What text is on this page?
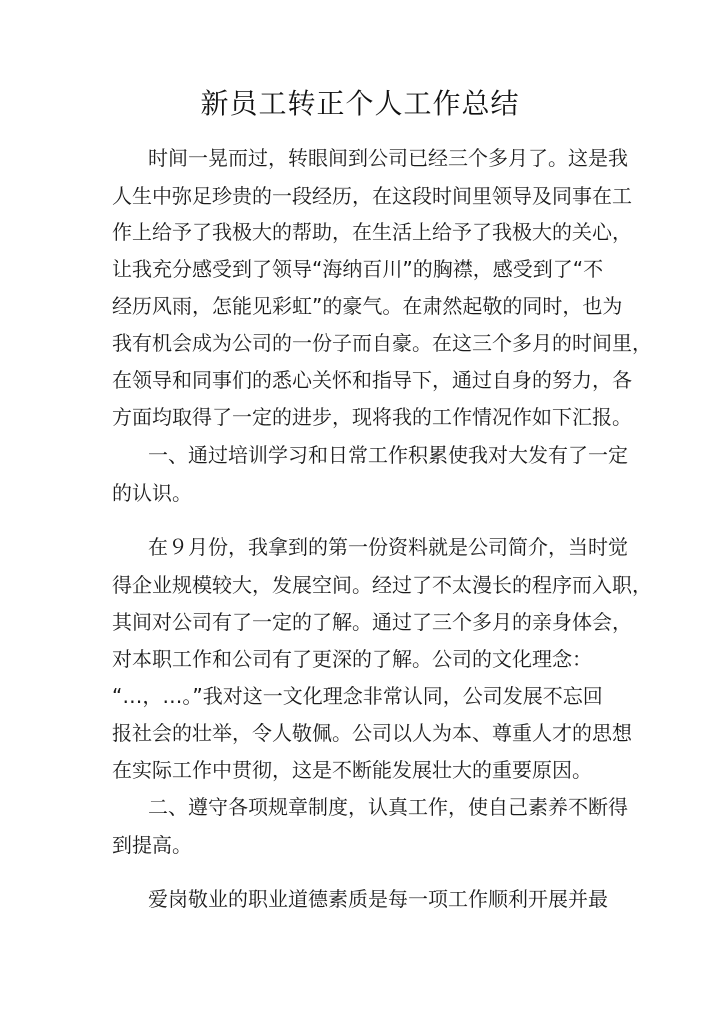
新员工转正个人工作总结

时间一晃而过，转眼间到公司已经三个多月了。这是我

人生中弥足珍贵的一段经历，在这段时间里领导及同事在工

作上给予了我极大的帮助，在生活上给予了我极大的关心，

让我充分感受到了领导“海纳百川”的胸襟，感受到了“不

经历风雨，怎能见彩虹”的豪气。在肃然起敬的同时，也为

我有机会成为公司的一份子而自豪。在这三个多月的时间里，

在领导和同事们的悉心关怀和指导下，通过自身的努力，各

方面均取得了一定的进步，现将我的工作情况作如下汇报。

一、通过培训学习和日常工作积累使我对大发有了一定

的认识。

在９月份，我拿到的第一份资料就是公司简介，当时觉

得企业规模较大，发展空间。经过了不太漫长的程序而入职，

其间对公司有了一定的了解。通过了三个多月的亲身体会，

对本职工作和公司有了更深的了解。公司的文化理念：

“…，…。”我对这一文化理念非常认同，公司发展不忘回

报社会的壮举，令人敬佩。公司以人为本、尊重人才的思想

在实际工作中贯彻，这是不断能发展壮大的重要原因。

二、遵守各项规章制度，认真工作，使自己素养不断得

到提高。

爱岗敬业的职业道德素质是每一项工作顺利开展并最
